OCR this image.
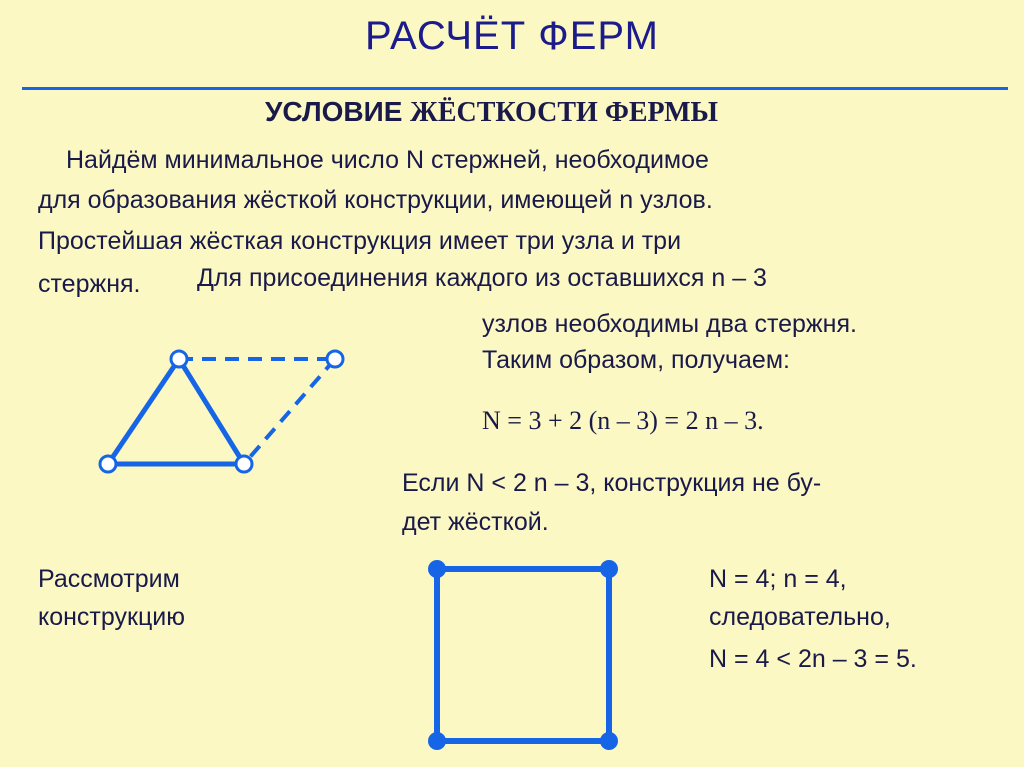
РАСЧЁТ ФЕРМ
УСЛОВИЕ ЖЁСТКОСТИ ФЕРМЫ
Найдём минимальное число N стержней, необходимое
для образования жёсткой конструкции, имеющей n узлов.
Простейшая жёсткая конструкция имеет три узла и три
стержня. Для присоединения каждого из оставшихся n – 3
узлов необходимы два стержня.
Таким образом, получаем:
N = 3 + 2 (n – 3) = 2 n – 3.
Если N < 2 n – 3, конструкция не бу-
дет жёсткой.
Рассмотрим
конструкцию
N = 4; n = 4,
следовательно,
N = 4 < 2n – 3 = 5.
